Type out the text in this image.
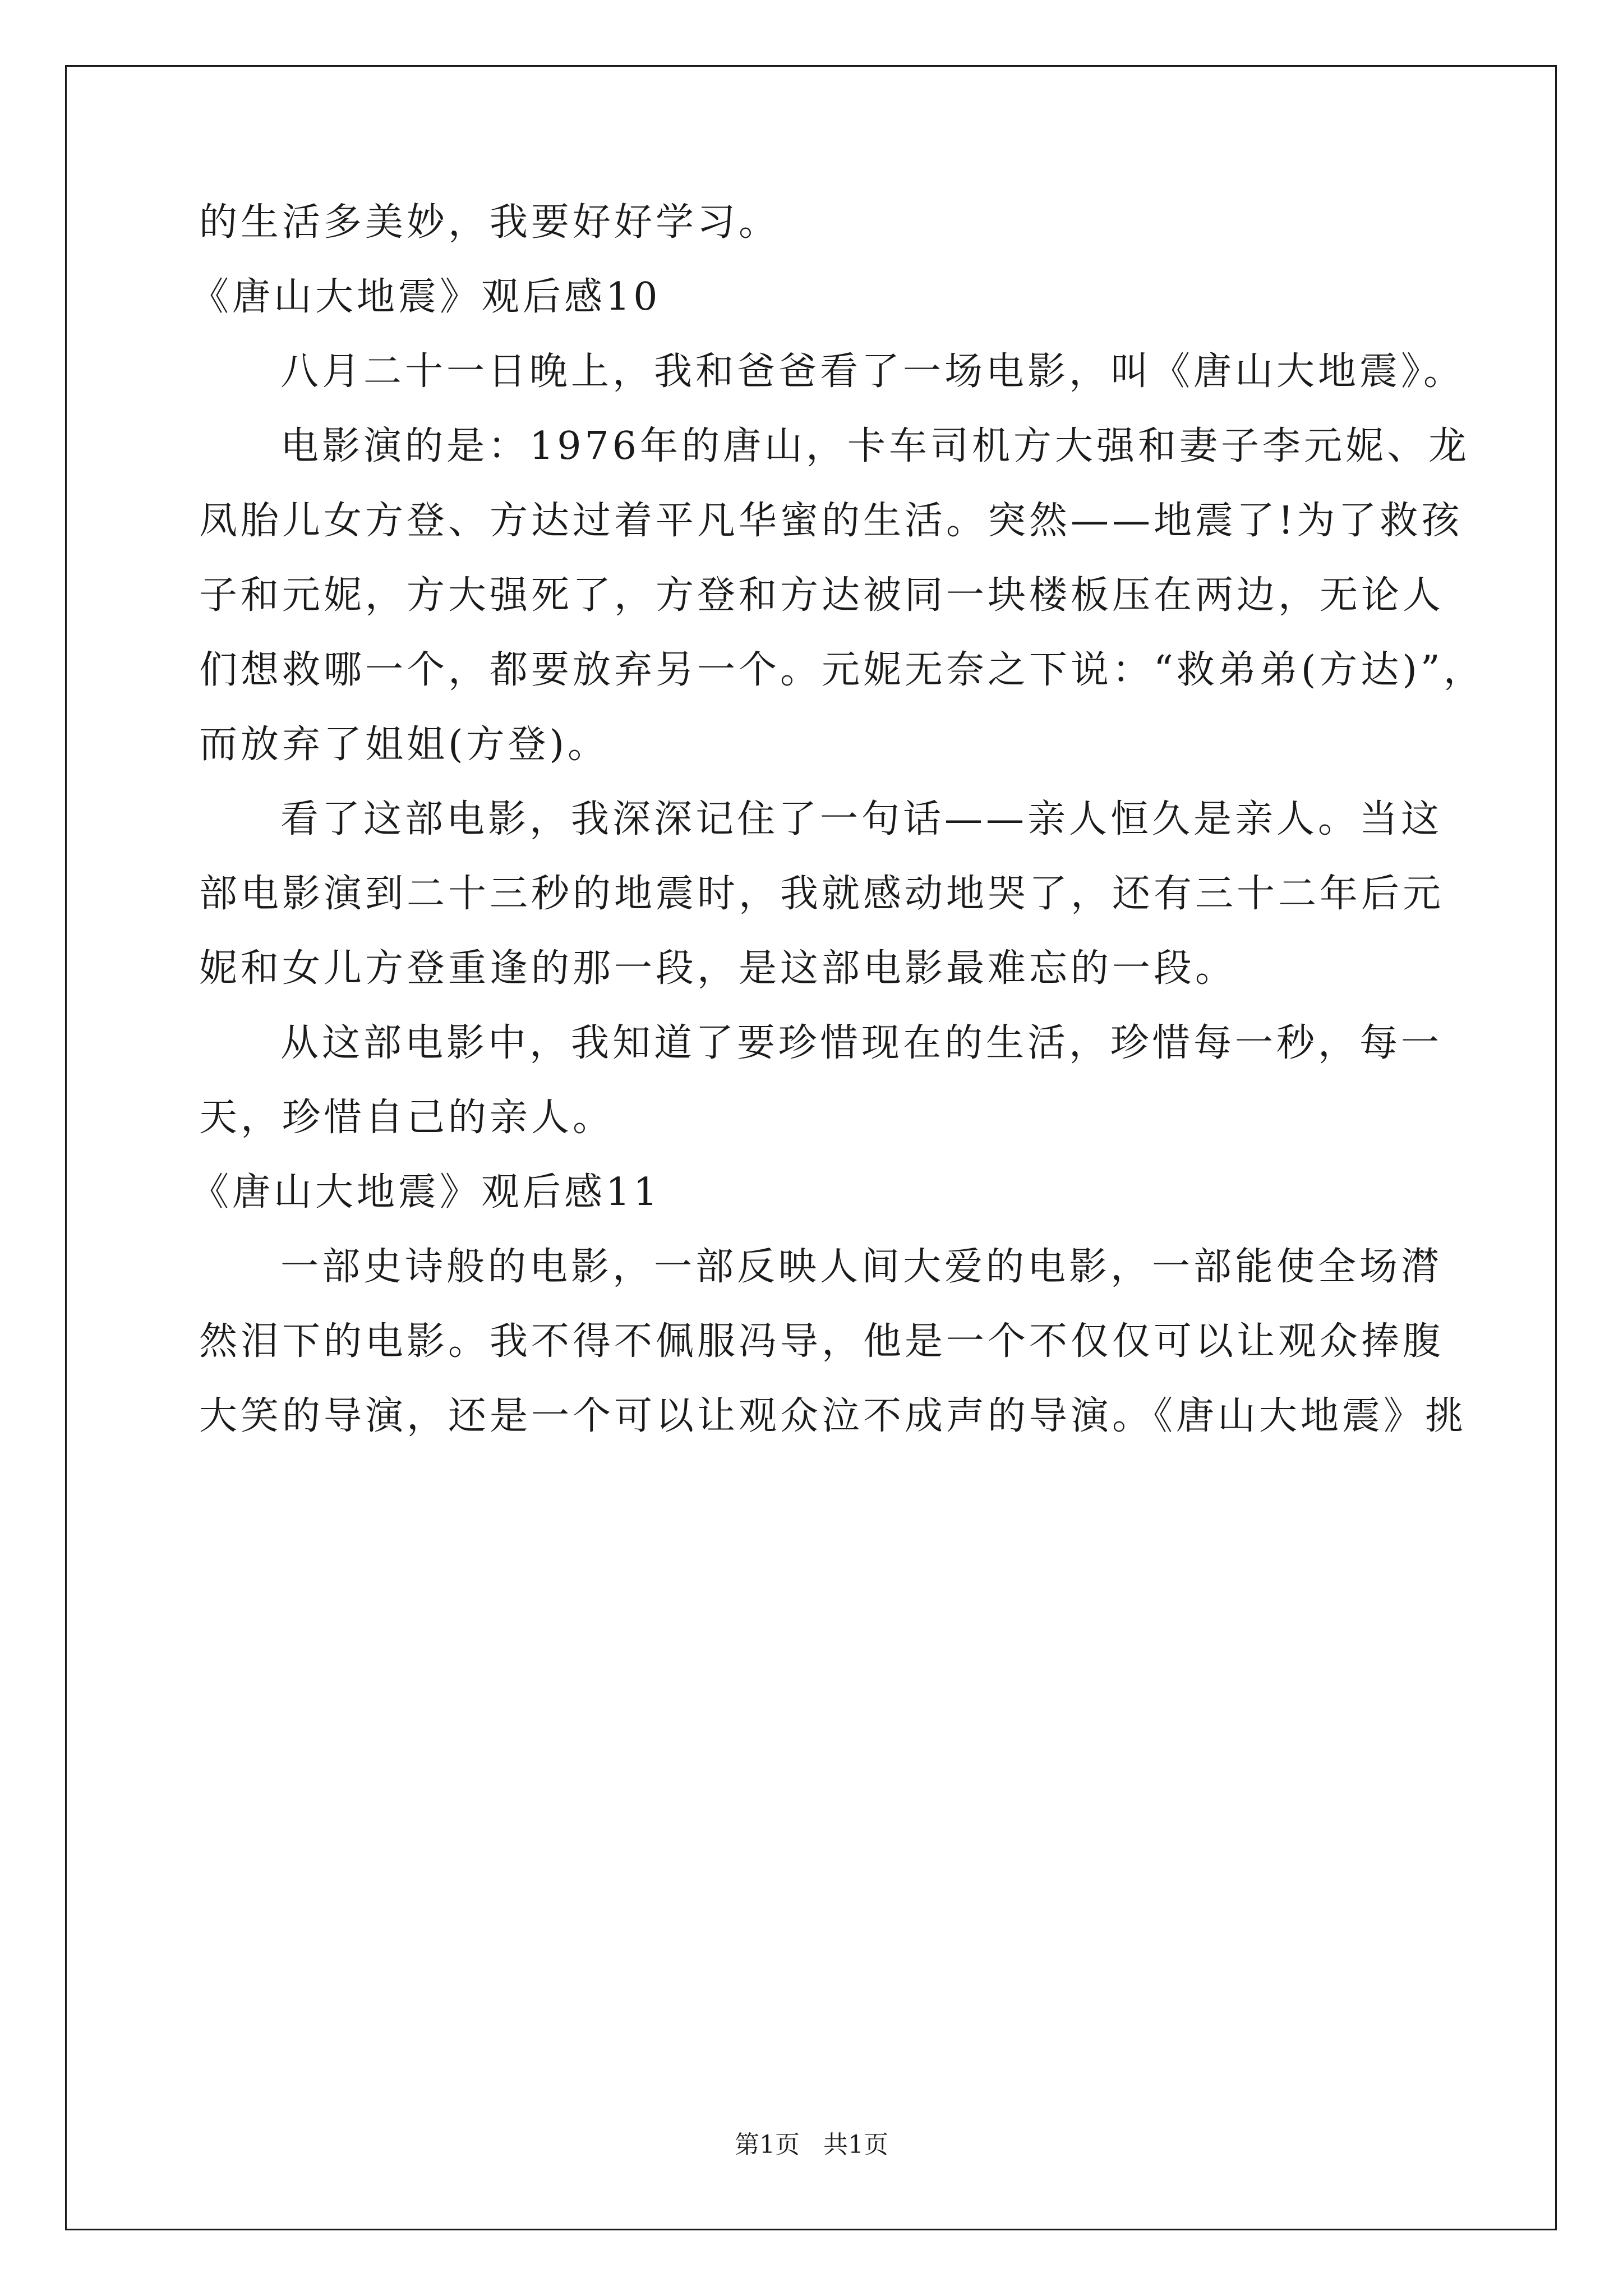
的生活多美妙，我要好好学习。
《唐山大地震》观后感10
八月二十一日晚上，我和爸爸看了一场电影，叫《唐山大地震》。
电影演的是：1976年的唐山，卡车司机方大强和妻子李元妮、龙
凤胎儿女方登、方达过着平凡华蜜的生活。突然——地震了!为了救孩
子和元妮，方大强死了，方登和方达被同一块楼板压在两边，无论人
们想救哪一个，都要放弃另一个。元妮无奈之下说：“救弟弟(方达)”，
而放弃了姐姐(方登)。
看了这部电影，我深深记住了一句话——亲人恒久是亲人。当这
部电影演到二十三秒的地震时，我就感动地哭了，还有三十二年后元
妮和女儿方登重逢的那一段，是这部电影最难忘的一段。
从这部电影中，我知道了要珍惜现在的生活，珍惜每一秒，每一
天，珍惜自己的亲人。
《唐山大地震》观后感11
一部史诗般的电影，一部反映人间大爱的电影，一部能使全场潸
然泪下的电影。我不得不佩服冯导，他是一个不仅仅可以让观众捧腹
大笑的导演，还是一个可以让观众泣不成声的导演。《唐山大地震》挑
第1页   共1页
